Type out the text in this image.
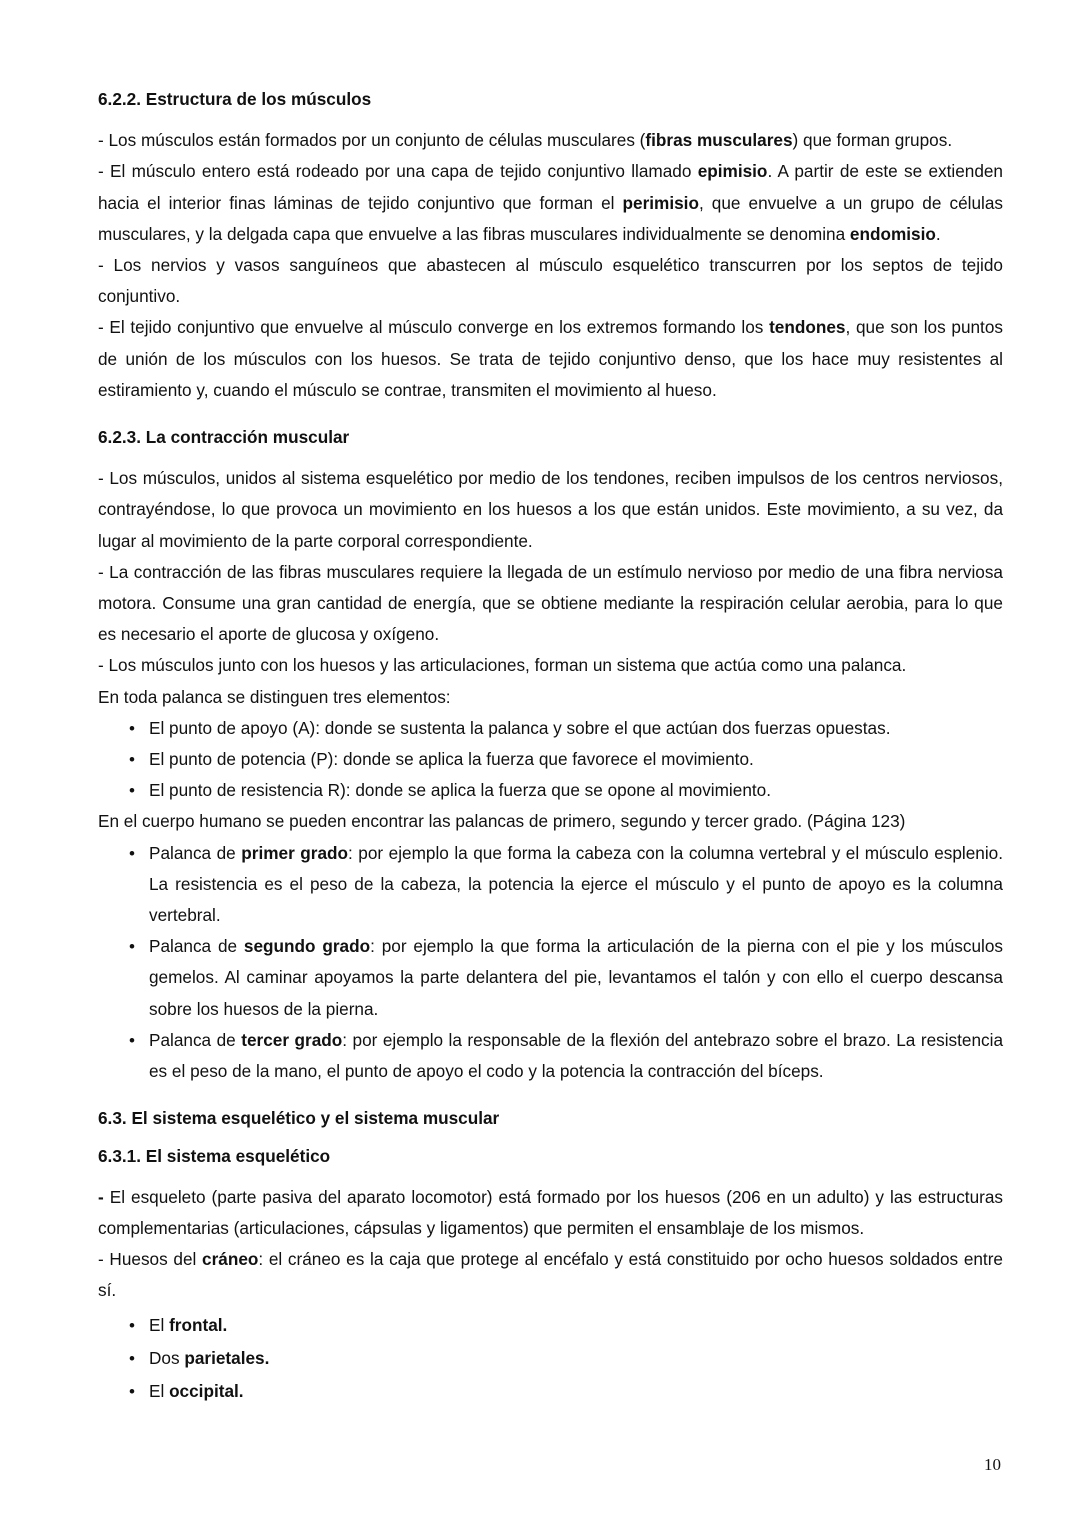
6.2.2. Estructura de los músculos

- Los músculos están formados por un conjunto de células musculares (fibras musculares) que forman grupos.

- El músculo entero está rodeado por una capa de tejido conjuntivo llamado epimisio. A partir de este se extienden hacia el interior finas láminas de tejido conjuntivo que forman el perimisio, que envuelve a un grupo de células musculares, y la delgada capa que envuelve a las fibras musculares individualmente se denomina endomisio.

- Los nervios y vasos sanguíneos que abastecen al músculo esquelético transcurren por los septos de tejido conjuntivo.

- El tejido conjuntivo que envuelve al músculo converge en los extremos formando los tendones, que son los puntos de unión de los músculos con los huesos. Se trata de tejido conjuntivo denso, que los hace muy resistentes al estiramiento y, cuando el músculo se contrae, transmiten el movimiento al hueso.

6.2.3. La contracción muscular

- Los músculos, unidos al sistema esquelético por medio de los tendones, reciben impulsos de los centros nerviosos, contrayéndose, lo que provoca un movimiento en los huesos a los que están unidos. Este movimiento, a su vez, da lugar al movimiento de la parte corporal correspondiente.

- La contracción de las fibras musculares requiere la llegada de un estímulo nervioso por medio de una fibra nerviosa motora. Consume una gran cantidad de energía, que se obtiene mediante la respiración celular aerobia, para lo que es necesario el aporte de glucosa y oxígeno.

- Los músculos junto con los huesos y las articulaciones, forman un sistema que actúa como una palanca.

En toda palanca se distinguen tres elementos:

• El punto de apoyo (A): donde se sustenta la palanca y sobre el que actúan dos fuerzas opuestas.
• El punto de potencia (P): donde se aplica la fuerza que favorece el movimiento.
• El punto de resistencia R): donde se aplica la fuerza que se opone al movimiento.

En el cuerpo humano se pueden encontrar las palancas de primero, segundo y tercer grado. (Página 123)

• Palanca de primer grado: por ejemplo la que forma la cabeza con la columna vertebral y el músculo esplenio. La resistencia es el peso de la cabeza, la potencia la ejerce el músculo y el punto de apoyo es la columna vertebral.
• Palanca de segundo grado: por ejemplo la que forma la articulación de la pierna con el pie y los músculos gemelos. Al caminar apoyamos la parte delantera del pie, levantamos el talón y con ello el cuerpo descansa sobre los huesos de la pierna.
• Palanca de tercer grado: por ejemplo la responsable de la flexión del antebrazo sobre el brazo. La resistencia es el peso de la mano, el punto de apoyo el codo y la potencia la contracción del bíceps.

6.3. El sistema esquelético y el sistema muscular

6.3.1. El sistema esquelético

- El esqueleto (parte pasiva del aparato locomotor) está formado por los huesos (206 en un adulto) y las estructuras complementarias (articulaciones, cápsulas y ligamentos) que permiten el ensamblaje de los mismos.

- Huesos del cráneo: el cráneo es la caja que protege al encéfalo y está constituido por ocho huesos soldados entre sí.

• El frontal.
• Dos parietales.
• El occipital.
10
